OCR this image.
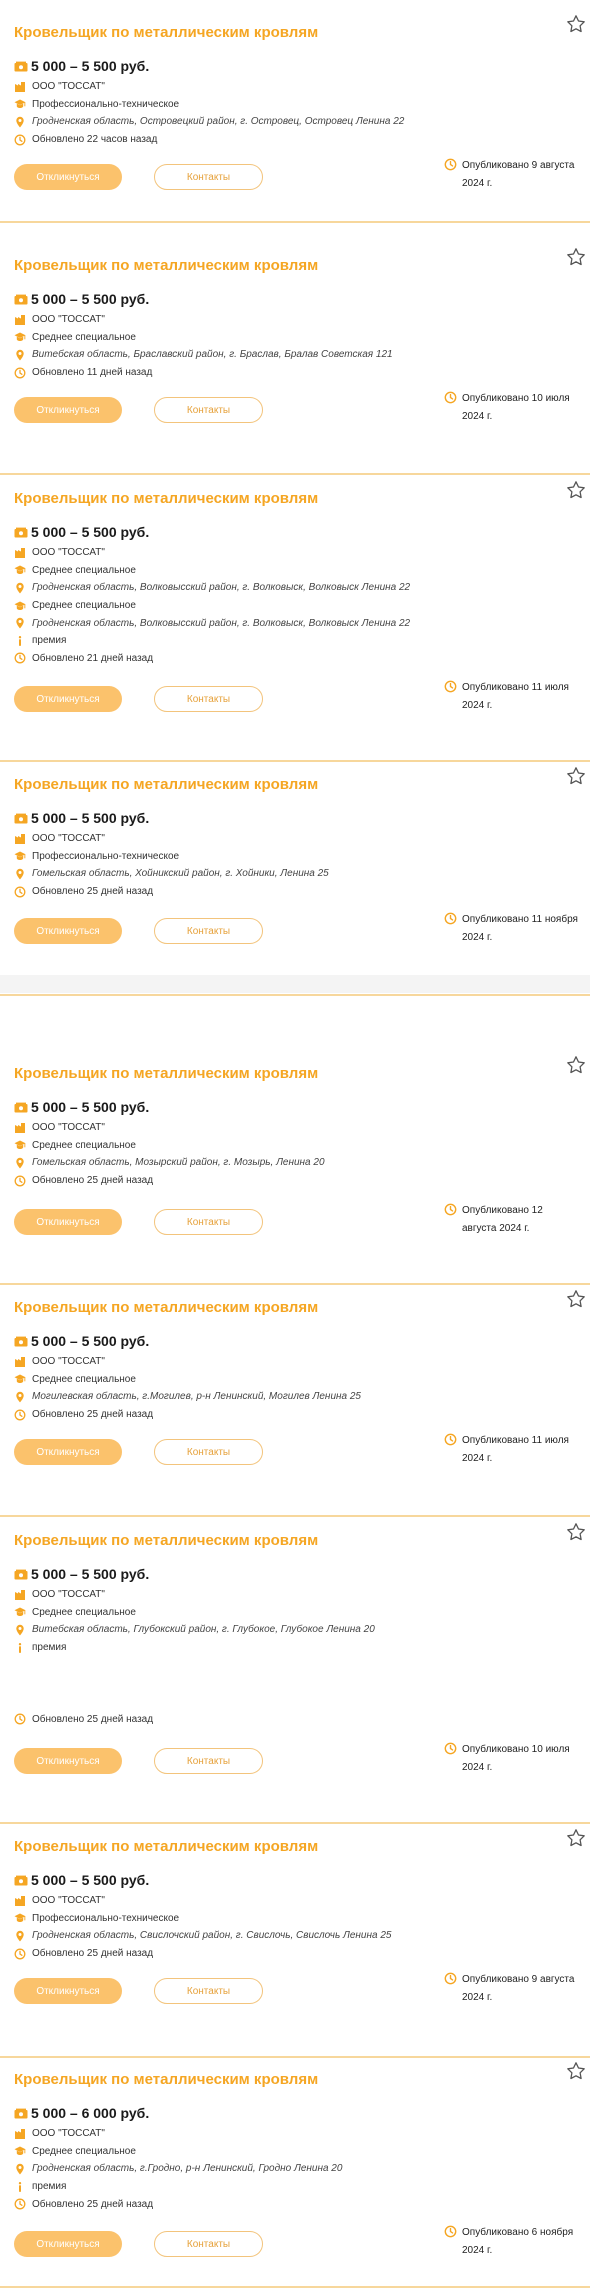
Кровельщик по металлическим кровлям
5 000 – 5 500 руб.
ООО "ТОССАТ"
Профессионально-техническое
Гродненская область, Островецкий район, г. Островец, Островец Ленина 22
Обновлено 22 часов назад
Откликнуться	Контакты
Опубликовано 9 августа 2024 г.
Кровельщик по металлическим кровлям
5 000 – 5 500 руб.
ООО "ТОССАТ"
Среднее специальное
Витебская область, Браславский район, г. Браслав, Бралав Советская 121
Обновлено 11 дней назад
Откликнуться	Контакты
Опубликовано 10 июля 2024 г.
Кровельщик по металлическим кровлям
5 000 – 5 500 руб.
ООО "ТОССАТ"
Среднее специальное
Гродненская область, Волковысский район, г. Волковыск, Волковыск Ленина 22
Среднее специальное
Гродненская область, Волковысский район, г. Волковыск, Волковыск Ленина 22
премия
Обновлено 21 дней назад
Откликнуться	Контакты
Опубликовано 11 июля 2024 г.
Кровельщик по металлическим кровлям
5 000 – 5 500 руб.
ООО "ТОССАТ"
Профессионально-техническое
Гомельская область, Хойникский район, г. Хойники, Ленина 25
Обновлено 25 дней назад
Откликнуться	Контакты
Опубликовано 11 ноября 2024 г.
Кровельщик по металлическим кровлям
5 000 – 5 500 руб.
ООО "ТОССАТ"
Среднее специальное
Гомельская область, Мозырский район, г. Мозырь, Ленина 20
Обновлено 25 дней назад
Откликнуться	Контакты
Опубликовано 12 августа 2024 г.
Кровельщик по металлическим кровлям
5 000 – 5 500 руб.
ООО "ТОССАТ"
Среднее специальное
Могилевская область, г.Могилев, р-н Ленинский, Могилев Ленина 25
Обновлено 25 дней назад
Откликнуться	Контакты
Опубликовано 11 июля 2024 г.
Кровельщик по металлическим кровлям
5 000 – 5 500 руб.
ООО "ТОССАТ"
Среднее специальное
Витебская область, Глубокский район, г. Глубокое, Глубокое Ленина 20
премия
Обновлено 25 дней назад
Откликнуться	Контакты
Опубликовано 10 июля 2024 г.
Кровельщик по металлическим кровлям
5 000 – 5 500 руб.
ООО "ТОССАТ"
Профессионально-техническое
Гродненская область, Свислочский район, г. Свислочь, Свислочь Ленина 25
Обновлено 25 дней назад
Откликнуться	Контакты
Опубликовано 9 августа 2024 г.
Кровельщик по металлическим кровлям
5 000 – 6 000 руб.
ООО "ТОССАТ"
Среднее специальное
Гродненская область, г.Гродно, р-н Ленинский, Гродно Ленина 20
премия
Обновлено 25 дней назад
Откликнуться	Контакты
Опубликовано 6 ноября 2024 г.
